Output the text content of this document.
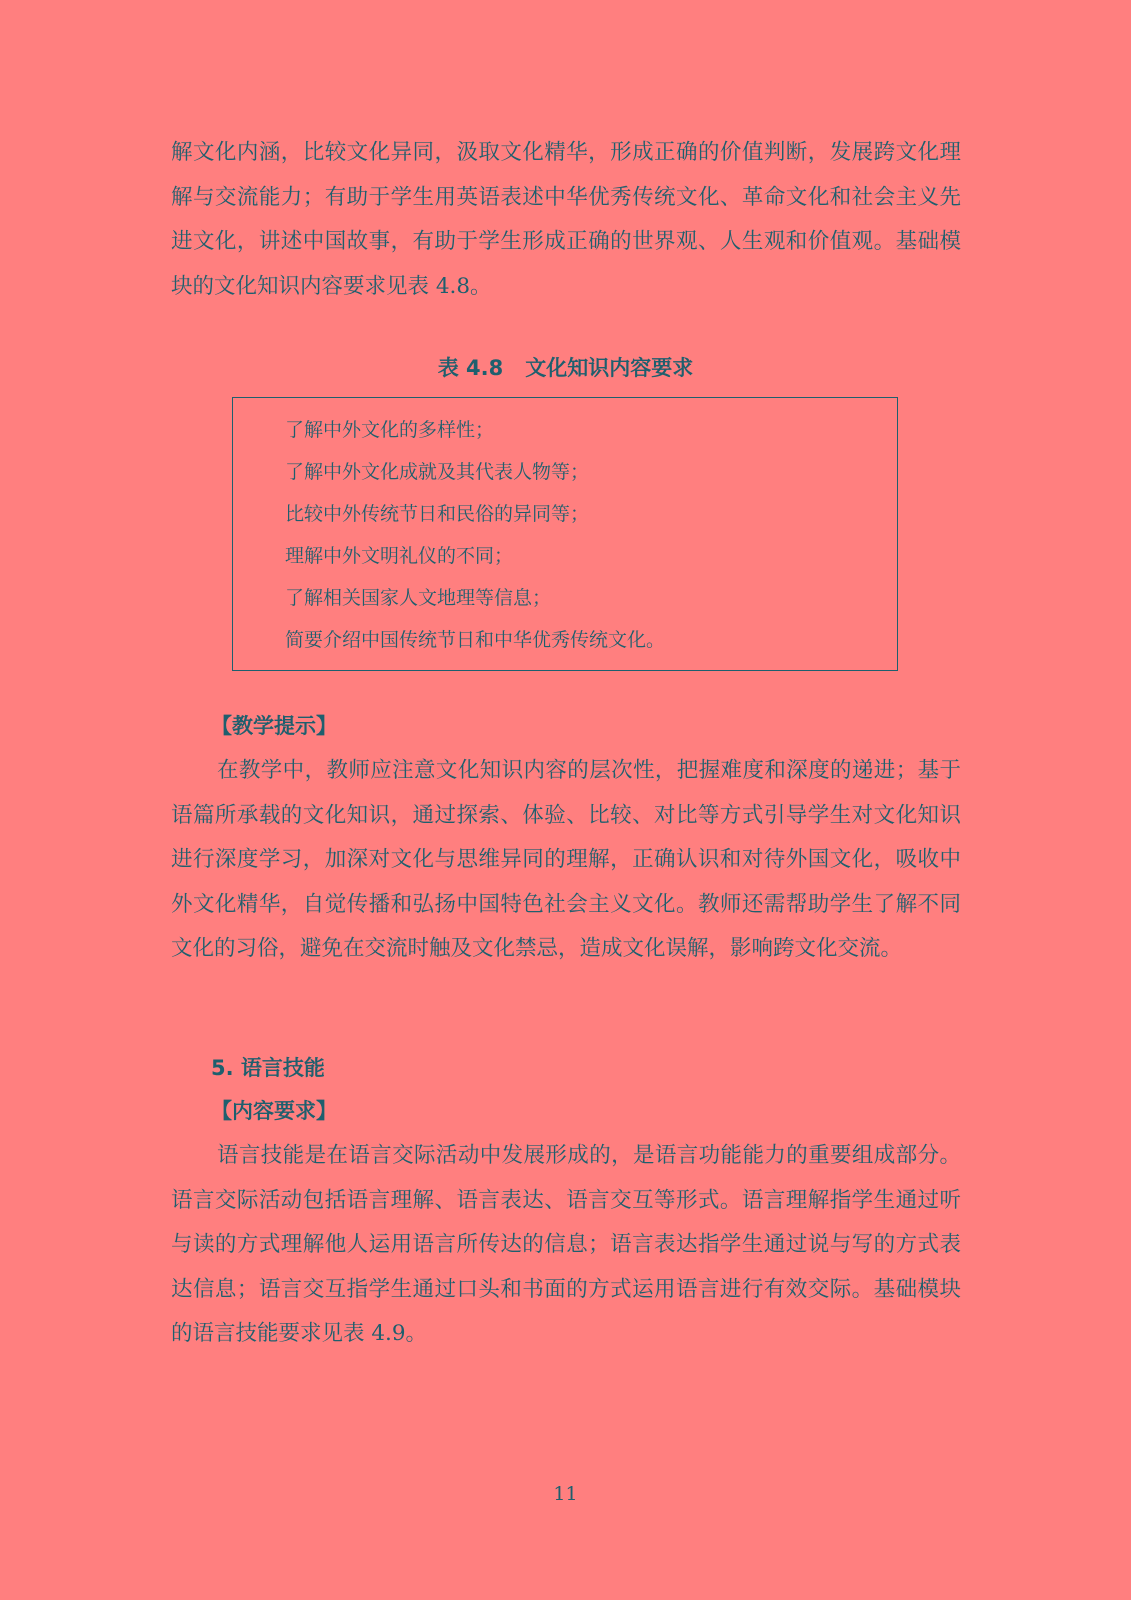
解文化内涵，比较文化异同，汲取文化精华，形成正确的价值判断，发展跨文化理解与交流能力；有助于学生用英语表述中华优秀传统文化、革命文化和社会主义先进文化，讲述中国故事，有助于学生形成正确的世界观、人生观和价值观。基础模块的文化知识内容要求见表 4.8。

表 4.8 文化知识内容要求
了解中外文化的多样性；
了解中外文化成就及其代表人物等；
比较中外传统节日和民俗的异同等；
理解中外文明礼仪的不同；
了解相关国家人文地理等信息；
简要介绍中国传统节日和中华优秀传统文化。
【教学提示】

在教学中，教师应注意文化知识内容的层次性，把握难度和深度的递进；基于语篇所承载的文化知识，通过探索、体验、比较、对比等方式引导学生对文化知识进行深度学习，加深对文化与思维异同的理解，正确认识和对待外国文化，吸收中外文化精华，自觉传播和弘扬中国特色社会主义文化。教师还需帮助学生了解不同文化的习俗，避免在交流时触及文化禁忌，造成文化误解，影响跨文化交流。

5. 语言技能
【内容要求】

语言技能是在语言交际活动中发展形成的，是语言功能能力的重要组成部分。语言交际活动包括语言理解、语言表达、语言交互等形式。语言理解指学生通过听与读的方式理解他人运用语言所传达的信息；语言表达指学生通过说与写的方式表达信息；语言交互指学生通过口头和书面的方式运用语言进行有效交际。基础模块的语言技能要求见表 4.9。

11
